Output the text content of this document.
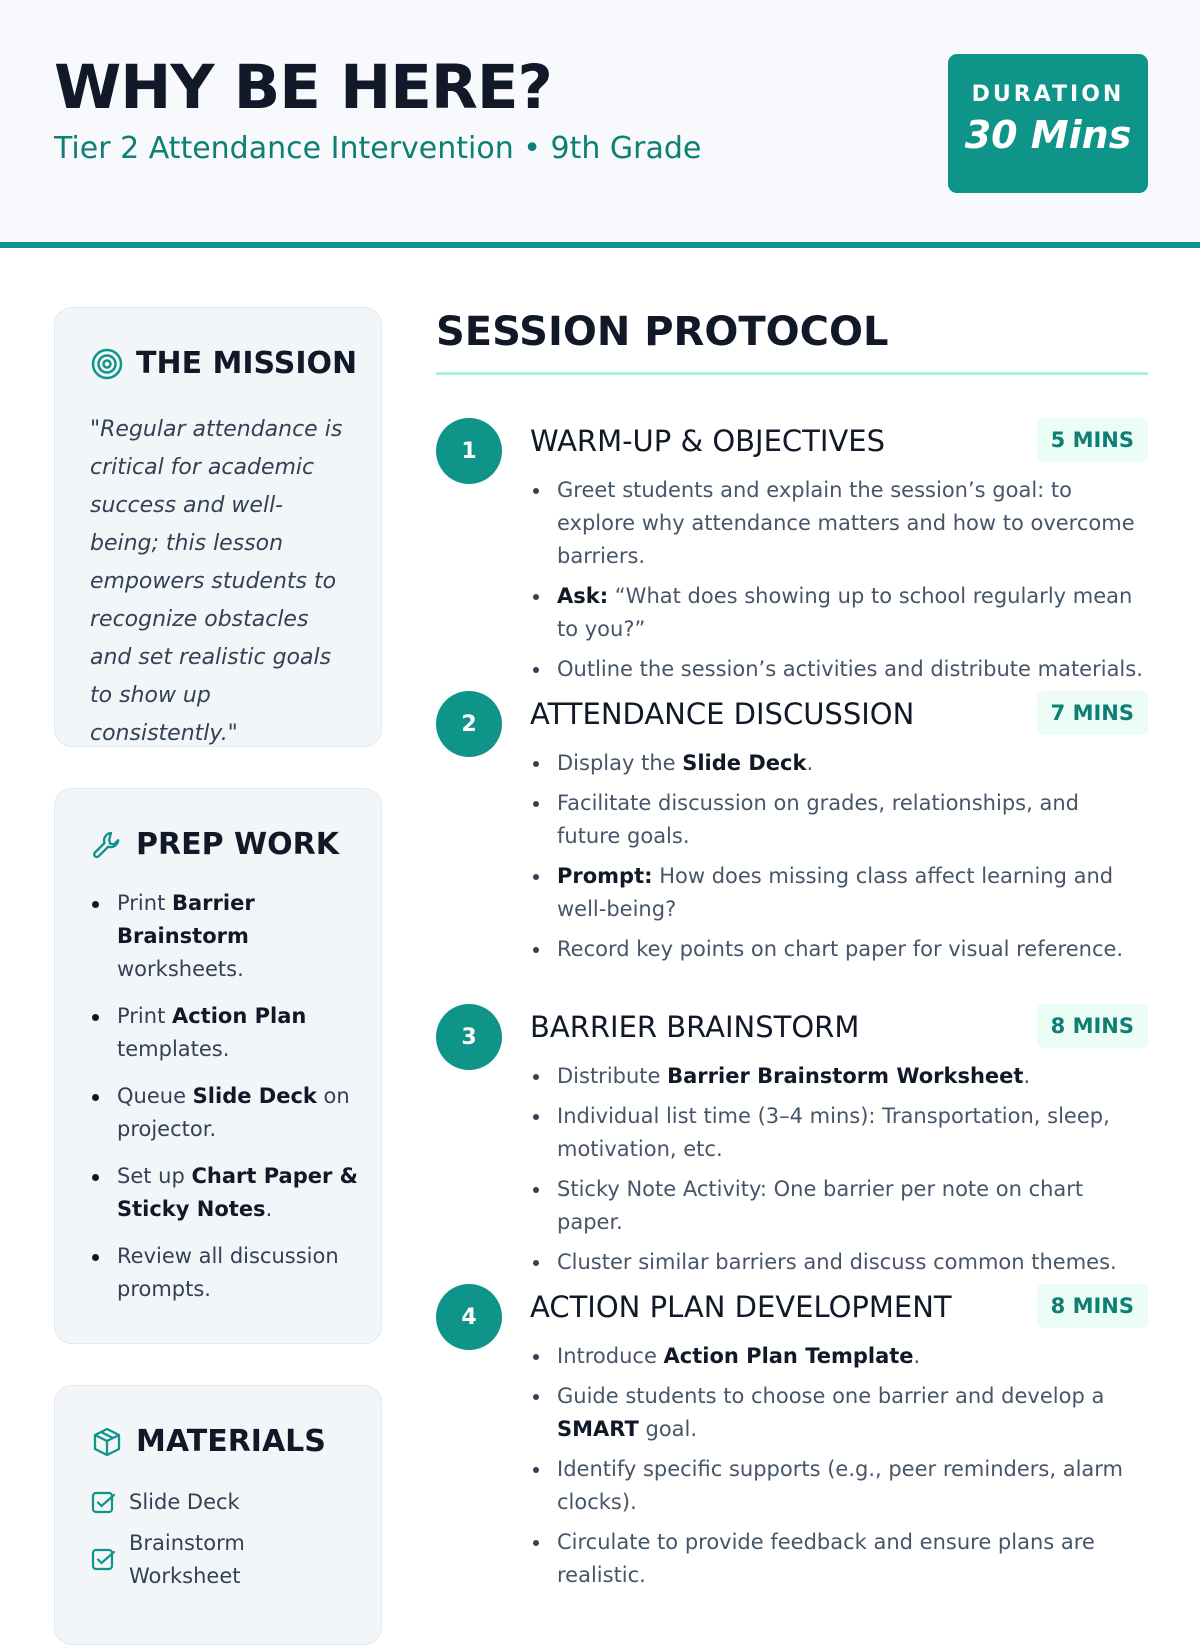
WHY BE HERE?
Tier 2 Attendance Intervention • 9th Grade
DURATION
30 Mins
THE MISSION
"Regular attendance is critical for academic success and well-being; this lesson empowers students to recognize obstacles and set realistic goals to show up consistently."
PREP WORK
Print Barrier Brainstorm worksheets.
Print Action Plan templates.
Queue Slide Deck on projector.
Set up Chart Paper & Sticky Notes.
Review all discussion prompts.
MATERIALS
Slide Deck
Brainstorm Worksheet
SESSION PROTOCOL
1	WARM-UP & OBJECTIVES	5 MINS
Greet students and explain the session’s goal: to explore why attendance matters and how to overcome barriers.
Ask: “What does showing up to school regularly mean to you?”
Outline the session’s activities and distribute materials.
2	ATTENDANCE DISCUSSION	7 MINS
Display the Slide Deck.
Facilitate discussion on grades, relationships, and future goals.
Prompt: How does missing class affect learning and well-being?
Record key points on chart paper for visual reference.
3	BARRIER BRAINSTORM	8 MINS
Distribute Barrier Brainstorm Worksheet.
Individual list time (3–4 mins): Transportation, sleep, motivation, etc.
Sticky Note Activity: One barrier per note on chart paper.
Cluster similar barriers and discuss common themes.
4	ACTION PLAN DEVELOPMENT	8 MINS
Introduce Action Plan Template.
Guide students to choose one barrier and develop a SMART goal.
Identify specific supports (e.g., peer reminders, alarm clocks).
Circulate to provide feedback and ensure plans are realistic.
